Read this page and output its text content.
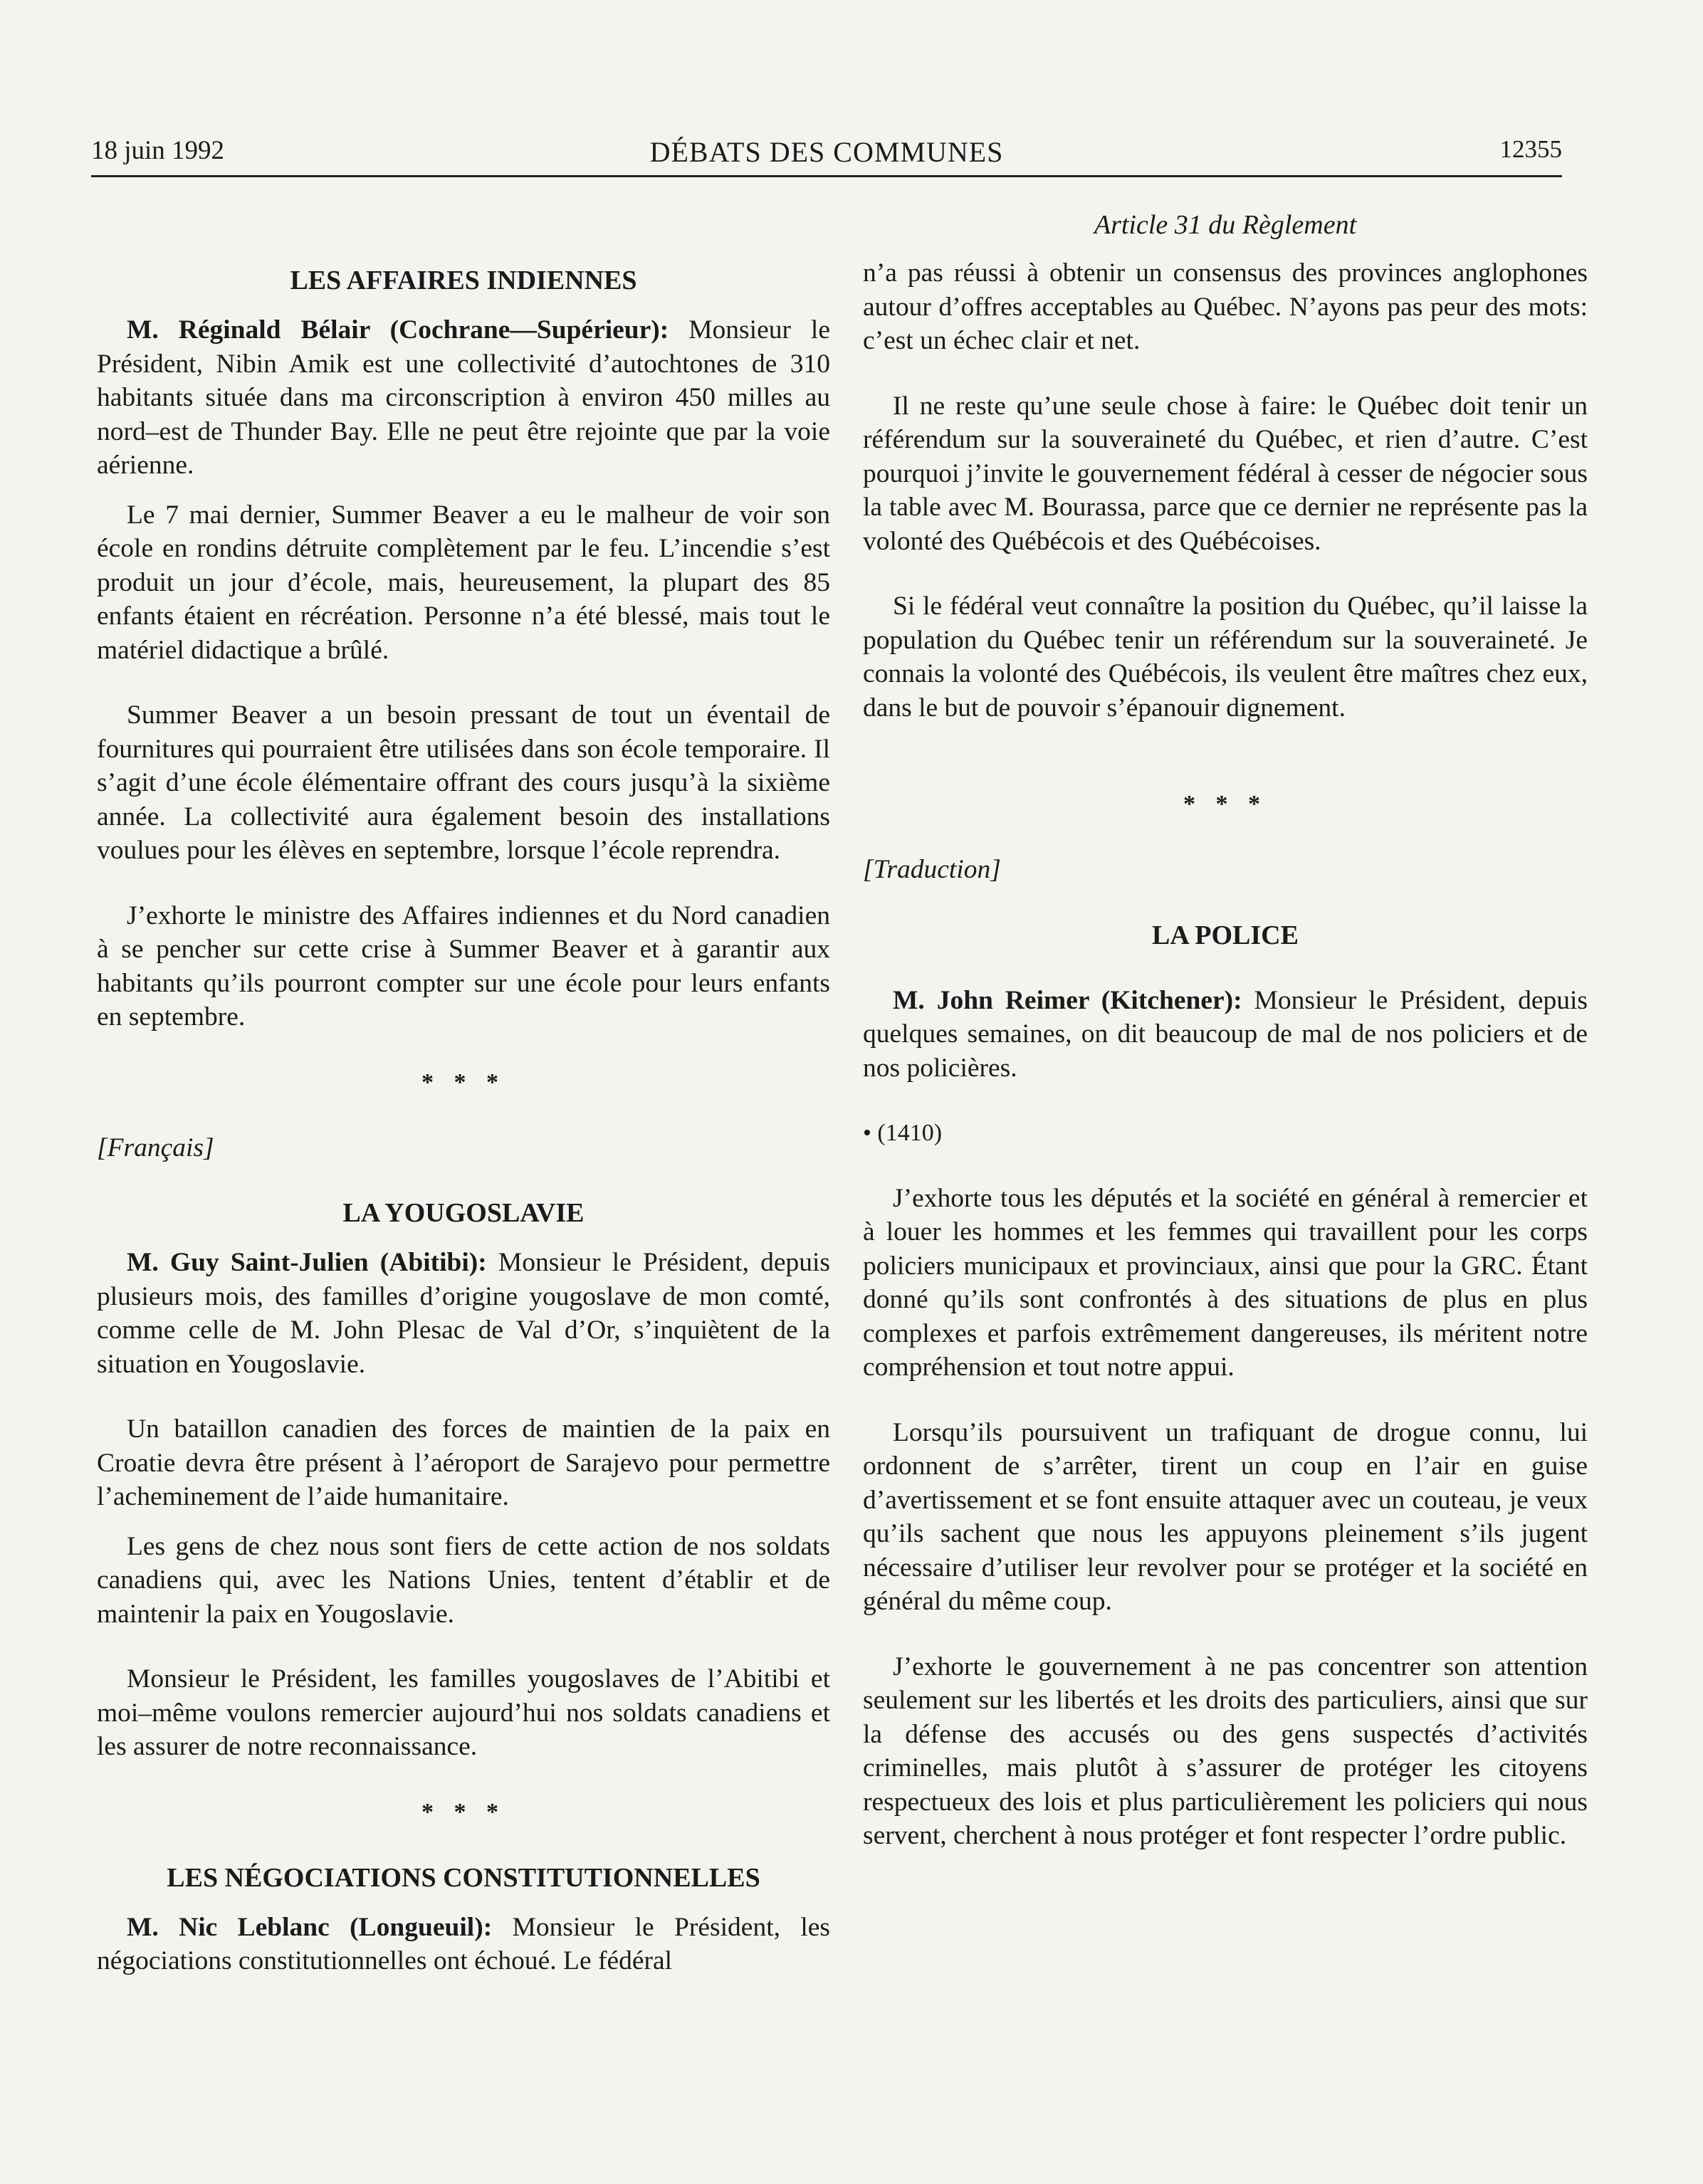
18 juin 1992	DÉBATS DES COMMUNES	12355
LES AFFAIRES INDIENNES

M. Réginald Bélair (Cochrane—Supérieur): Monsieur le Président, Nibin Amik est une collectivité d’autochtones de 310 habitants située dans ma circonscription à environ 450 milles au nord–est de Thunder Bay. Elle ne peut être rejointe que par la voie aérienne.

Le 7 mai dernier, Summer Beaver a eu le malheur de voir son école en rondins détruite complètement par le feu. L’incendie s’est produit un jour d’école, mais, heureusement, la plupart des 85 enfants étaient en récréation. Personne n’a été blessé, mais tout le matériel didactique a brûlé.

Summer Beaver a un besoin pressant de tout un éventail de fournitures qui pourraient être utilisées dans son école temporaire. Il s’agit d’une école élémentaire offrant des cours jusqu’à la sixième année. La collectivité aura également besoin des installations voulues pour les élèves en septembre, lorsque l’école reprendra.

J’exhorte le ministre des Affaires indiennes et du Nord canadien à se pencher sur cette crise à Summer Beaver et à garantir aux habitants qu’ils pourront compter sur une école pour leurs enfants en septembre.

* * *

[Français]

LA YOUGOSLAVIE

M. Guy Saint-Julien (Abitibi): Monsieur le Président, depuis plusieurs mois, des familles d’origine yougoslave de mon comté, comme celle de M. John Plesac de Val d’Or, s’inquiètent de la situation en Yougoslavie.

Un bataillon canadien des forces de maintien de la paix en Croatie devra être présent à l’aéroport de Sarajevo pour permettre l’acheminement de l’aide humanitaire.

Les gens de chez nous sont fiers de cette action de nos soldats canadiens qui, avec les Nations Unies, tentent d’établir et de maintenir la paix en Yougoslavie.

Monsieur le Président, les familles yougoslaves de l’Abitibi et moi–même voulons remercier aujourd’hui nos soldats canadiens et les assurer de notre reconnaissance.

* * *
LES NÉGOCIATIONS CONSTITUTIONNELLES

M. Nic Leblanc (Longueuil): Monsieur le Président, les négociations constitutionnelles ont échoué. Le fédéral

Article 31 du Règlement

n’a pas réussi à obtenir un consensus des provinces anglophones autour d’offres acceptables au Québec. N’ayons pas peur des mots: c’est un échec clair et net.

Il ne reste qu’une seule chose à faire: le Québec doit tenir un référendum sur la souveraineté du Québec, et rien d’autre. C’est pourquoi j’invite le gouvernement fédéral à cesser de négocier sous la table avec M. Bourassa, parce que ce dernier ne représente pas la volonté des Québécois et des Québécoises.

Si le fédéral veut connaître la position du Québec, qu’il laisse la population du Québec tenir un référendum sur la souveraineté. Je connais la volonté des Québécois, ils veulent être maîtres chez eux, dans le but de pouvoir s’épanouir dignement.

* * *

[Traduction]

LA POLICE

M. John Reimer (Kitchener): Monsieur le Président, depuis quelques semaines, on dit beaucoup de mal de nos policiers et de nos policières.

• (1410)

J’exhorte tous les députés et la société en général à remercier et à louer les hommes et les femmes qui travaillent pour les corps policiers municipaux et provinciaux, ainsi que pour la GRC. Étant donné qu’ils sont confrontés à des situations de plus en plus complexes et parfois extrêmement dangereuses, ils méritent notre compréhension et tout notre appui.

Lorsqu’ils poursuivent un trafiquant de drogue connu, lui ordonnent de s’arrêter, tirent un coup en l’air en guise d’avertissement et se font ensuite attaquer avec un couteau, je veux qu’ils sachent que nous les appuyons pleinement s’ils jugent nécessaire d’utiliser leur revolver pour se protéger et la société en général du même coup.

J’exhorte le gouvernement à ne pas concentrer son attention seulement sur les libertés et les droits des particuliers, ainsi que sur la défense des accusés ou des gens suspectés d’activités criminelles, mais plutôt à s’assurer de protéger les citoyens respectueux des lois et plus particulièrement les policiers qui nous servent, cherchent à nous protéger et font respecter l’ordre public.
